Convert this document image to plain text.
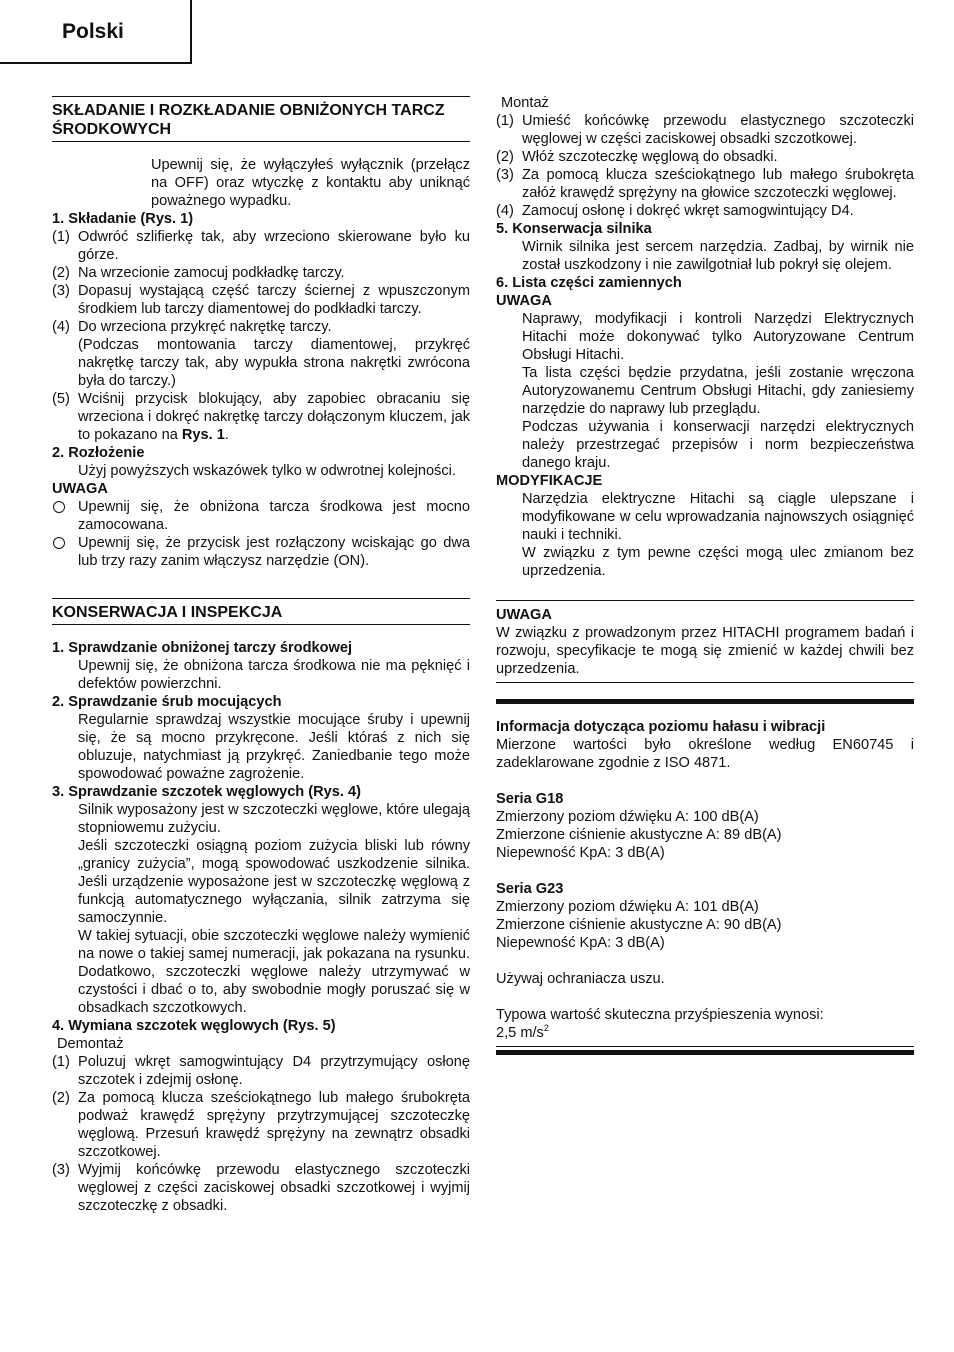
Polski
SKŁADANIE I ROZKŁADANIE OBNIŻONYCH TARCZ ŚRODKOWYCH

Upewnij się, że wyłączyłeś wyłącznik (przełącz na OFF) oraz wtyczkę z kontaktu aby uniknąć poważnego wypadku.

1. Składanie (Rys. 1)

(1) Odwróć szlifierkę tak, aby wrzeciono skierowane było ku górze.

(2) Na wrzecionie zamocuj podkładkę tarczy.

(3) Dopasuj wystającą część tarczy ściernej z wpuszczonym środkiem lub tarczy diamentowej do podkładki tarczy.

(4) Do wrzeciona przykręć nakrętkę tarczy.

(Podczas montowania tarczy diamentowej, przykręć nakrętkę tarczy tak, aby wypukła strona nakrętki zwrócona była do tarczy.)

(5) Wciśnij przycisk blokujący, aby zapobiec obracaniu się wrzeciona i dokręć nakrętkę tarczy dołączonym kluczem, jak to pokazano na Rys. 1.

2. Rozłożenie

Użyj powyższych wskazówek tylko w odwrotnej kolejności.

UWAGA

Upewnij się, że obniżona tarcza środkowa jest mocno zamocowana.

Upewnij się, że przycisk jest rozłączony wciskając go dwa lub trzy razy zanim włączysz narzędzie (ON).

KONSERWACJA I INSPEKCJA

1. Sprawdzanie obniżonej tarczy środkowej

Upewnij się, że obniżona tarcza środkowa nie ma pęknięć i defektów powierzchni.

2. Sprawdzanie śrub mocujących

Regularnie sprawdzaj wszystkie mocujące śruby i upewnij się, że są mocno przykręcone. Jeśli któraś z nich się obluzuje, natychmiast ją przykręć. Zaniedbanie tego może spowodować poważne zagrożenie.

3. Sprawdzanie szczotek węglowych (Rys. 4)

Silnik wyposażony jest w szczoteczki węglowe, które ulegają stopniowemu zużyciu.

Jeśli szczoteczki osiągną poziom zużycia bliski lub równy „granicy zużycia”, mogą spowodować uszkodzenie silnika. Jeśli urządzenie wyposażone jest w szczoteczkę węglową z funkcją automatycznego wyłączania, silnik zatrzyma się samoczynnie.

W takiej sytuacji, obie szczoteczki węglowe należy wymienić na nowe o takiej samej numeracji, jak pokazana na rysunku. Dodatkowo, szczoteczki węglowe należy utrzymywać w czystości i dbać o to, aby swobodnie mogły poruszać się w obsadkach szczotkowych.

4. Wymiana szczotek węglowych (Rys. 5)

Demontaż

(1) Poluzuj wkręt samogwintujący D4 przytrzymujący osłonę szczotek i zdejmij osłonę.

(2) Za pomocą klucza sześciokątnego lub małego śrubokręta podważ krawędź sprężyny przytrzymującej szczoteczkę węglową. Przesuń krawędź sprężyny na zewnątrz obsadki szczotkowej.

(3) Wyjmij końcówkę przewodu elastycznego szczoteczki węglowej z części zaciskowej obsadki szczotkowej i wyjmij szczoteczkę z obsadki.

Montaż

(1) Umieść końcówkę przewodu elastycznego szczoteczki węglowej w części zaciskowej obsadki szczotkowej.

(2) Włóż szczoteczkę węglową do obsadki.

(3) Za pomocą klucza sześciokątnego lub małego śrubokręta załóż krawędź sprężyny na głowice szczoteczki węglowej.

(4) Zamocuj osłonę i dokręć wkręt samogwintujący D4.

5. Konserwacja silnika

Wirnik silnika jest sercem narzędzia. Zadbaj, by wirnik nie został uszkodzony i nie zawilgotniał lub pokrył się olejem.

6. Lista części zamiennych

UWAGA

Naprawy, modyfikacji i kontroli Narzędzi Elektrycznych Hitachi może dokonywać tylko Autoryzowane Centrum Obsługi Hitachi.

Ta lista części będzie przydatna, jeśli zostanie wręczona Autoryzowanemu Centrum Obsługi Hitachi, gdy zaniesiemy narzędzie do naprawy lub przeglądu.

Podczas używania i konserwacji narzędzi elektrycznych należy przestrzegać przepisów i norm bezpieczeństwa danego kraju.

MODYFIKACJE

Narzędzia elektryczne Hitachi są ciągle ulepszane i modyfikowane w celu wprowadzania najnowszych osiągnięć nauki i techniki.

W związku z tym pewne części mogą ulec zmianom bez uprzedzenia.

UWAGA

W związku z prowadzonym przez HITACHI programem badań i rozwoju, specyfikacje te mogą się zmienić w każdej chwili bez uprzedzenia.

Informacja dotycząca poziomu hałasu i wibracji

Mierzone wartości było określone według EN60745 i zadeklarowane zgodnie z ISO 4871.

Seria G18

Zmierzony poziom dźwięku A: 100 dB(A)

Zmierzone ciśnienie akustyczne A: 89 dB(A)

Niepewność KpA: 3 dB(A)

Seria G23

Zmierzony poziom dźwięku A: 101 dB(A)

Zmierzone ciśnienie akustyczne A: 90 dB(A)

Niepewność KpA: 3 dB(A)

Używaj ochraniacza uszu.

Typowa wartość skuteczna przyśpieszenia wynosi:

2,5 $m/s^2$
